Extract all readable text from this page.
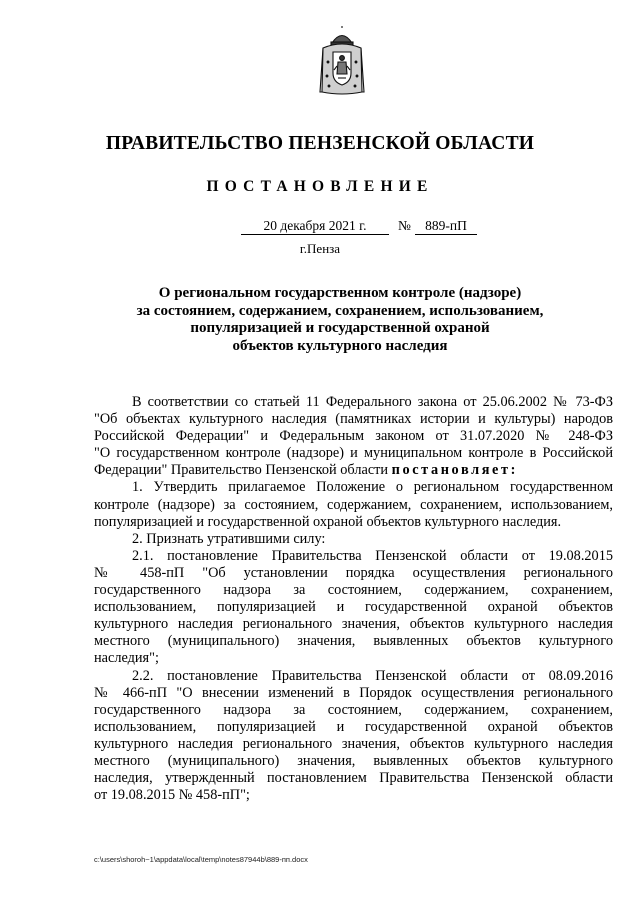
ПРАВИТЕЛЬСТВО ПЕНЗЕНСКОЙ ОБЛАСТИ
ПОСТАНОВЛЕНИЕ
20 декабря 2021 г.	№	889-пП
г.Пенза
О региональном государственном контроле (надзоре)
за состоянием, содержанием, сохранением, использованием,
популяризацией и государственной охраной
объектов культурного наследия

В соответствии со статьей 11 Федерального закона от 25.06.2002 № 73-ФЗ
"Об объектах культурного наследия (памятниках истории и культуры) народов
Российской Федерации" и Федеральным законом от 31.07.2020 № 248-ФЗ
"О государственном контроле (надзоре) и муниципальном контроле в Российской
Федерации" Правительство Пензенской области постановляет:

1. Утвердить прилагаемое Положение о региональном государственном
контроле (надзоре) за состоянием, содержанием, сохранением, использованием,
популяризацией и государственной охраной объектов культурного наследия.

2. Признать утратившими силу:

2.1. постановление Правительства Пензенской области от 19.08.2015
№ 458-пП "Об установлении порядка осуществления регионального
государственного надзора за состоянием, содержанием, сохранением,
использованием, популяризацией и государственной охраной объектов
культурного наследия регионального значения, объектов культурного наследия
местного (муниципального) значения, выявленных объектов культурного
наследия";

2.2. постановление Правительства Пензенской области от 08.09.2016
№ 466-пП "О внесении изменений в Порядок осуществления регионального
государственного надзора за состоянием, содержанием, сохранением,
использованием, популяризацией и государственной охраной объектов
культурного наследия регионального значения, объектов культурного наследия
местного (муниципального) значения, выявленных объектов культурного
наследия, утвержденный постановлением Правительства Пензенской области
от 19.08.2015 № 458-пП";

c:\users\shoroh~1\appdata\local\temp\notes87944b\889-пп.docx
